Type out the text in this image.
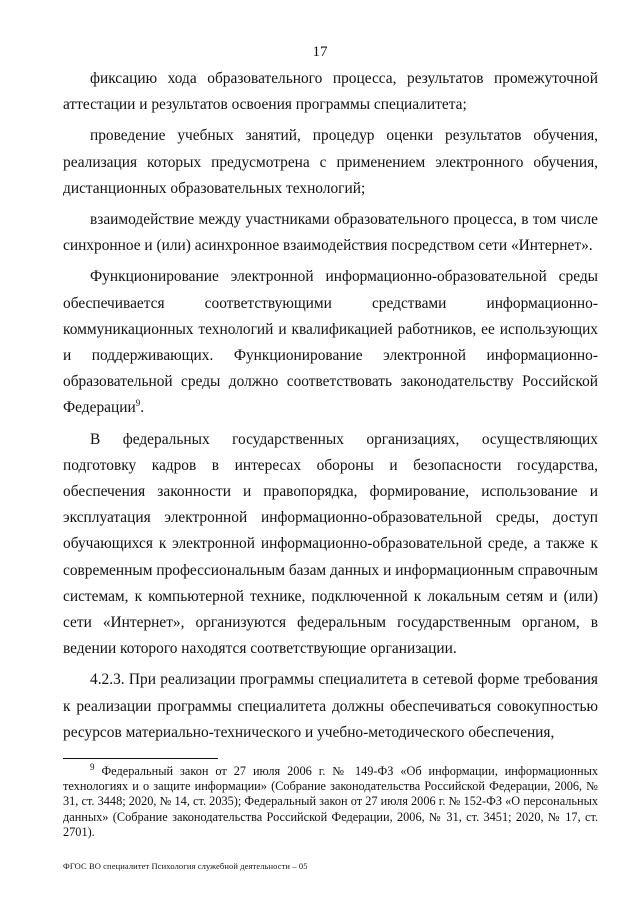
17

фиксацию хода образовательного процесса, результатов промежуточной аттестации и результатов освоения программы специалитета;

проведение учебных занятий, процедур оценки результатов обучения, реализация которых предусмотрена с применением электронного обучения, дистанционных образовательных технологий;

взаимодействие между участниками образовательного процесса, в том числе синхронное и (или) асинхронное взаимодействия посредством сети «Интернет».

Функционирование электронной информационно-образовательной среды обеспечивается соответствующими средствами информационно-коммуникационных технологий и квалификацией работников, ее использующих и поддерживающих. Функционирование электронной информационно-образовательной среды должно соответствовать законодательству Российской Федерации$^9$.

В федеральных государственных организациях, осуществляющих подготовку кадров в интересах обороны и безопасности государства, обеспечения законности и правопорядка, формирование, использование и эксплуатация электронной информационно-образовательной среды, доступ обучающихся к электронной информационно-образовательной среде, а также к современным профессиональным базам данных и информационным справочным системам, к компьютерной технике, подключенной к локальным сетям и (или) сети «Интернет», организуются федеральным государственным органом, в ведении которого находятся соответствующие организации.

4.2.3. При реализации программы специалитета в сетевой форме требования к реализации программы специалитета должны обеспечиваться совокупностью ресурсов материально-технического и учебно-методического обеспечения,

$^9$ Федеральный закон от 27 июля 2006 г. № 149-ФЗ «Об информации, информационных технологиях и о защите информации» (Собрание законодательства Российской Федерации, 2006, № 31, ст. 3448; 2020, № 14, ст. 2035); Федеральный закон от 27 июля 2006 г. № 152-ФЗ «О персональных данных» (Собрание законодательства Российской Федерации, 2006, № 31, ст. 3451; 2020, № 17, ст. 2701).

ФГОС ВО специалитет Психология служебной деятельности – 05
